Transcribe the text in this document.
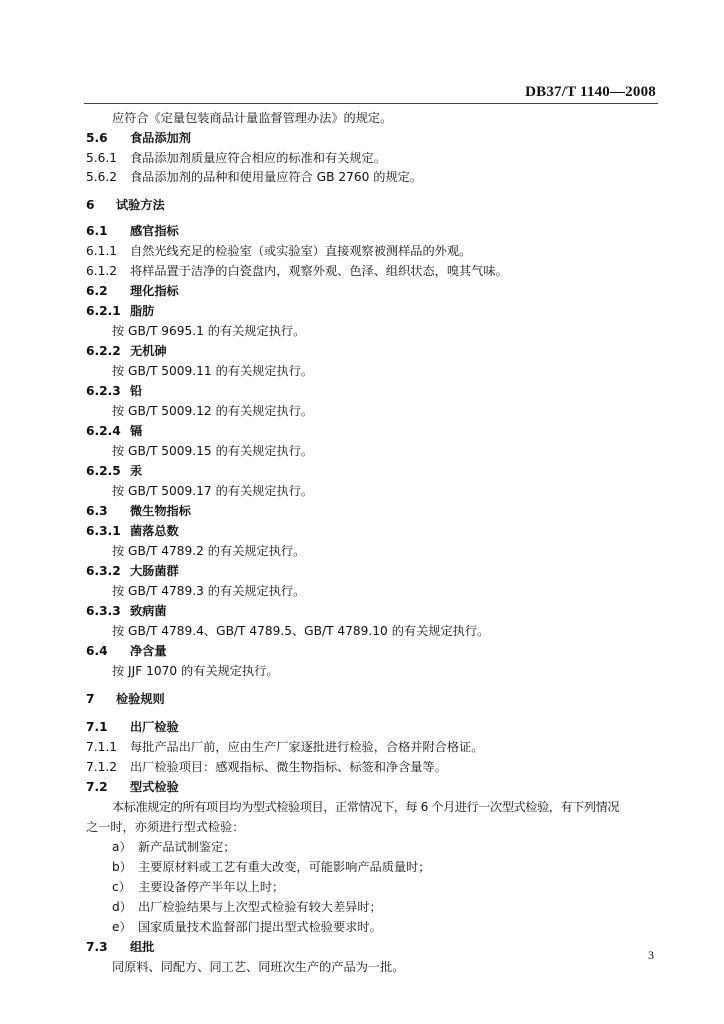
DB37/T 1140—2008
应符合《定量包装商品计量监督管理办法》的规定。
5.6 食品添加剂
5.6.1 食品添加剂质量应符合相应的标准和有关规定。
5.6.2 食品添加剂的品种和使用量应符合 GB 2760 的规定。
6 试验方法
6.1 感官指标
6.1.1 自然光线充足的检验室（或实验室）直接观察被测样品的外观。
6.1.2 将样品置于洁净的白瓷盘内，观察外观、色泽、组织状态，嗅其气味。
6.2 理化指标
6.2.1 脂肪
按 GB/T 9695.1 的有关规定执行。
6.2.2 无机砷
按 GB/T 5009.11 的有关规定执行。
6.2.3 铅
按 GB/T 5009.12 的有关规定执行。
6.2.4 镉
按 GB/T 5009.15 的有关规定执行。
6.2.5 汞
按 GB/T 5009.17 的有关规定执行。
6.3 微生物指标
6.3.1 菌落总数
按 GB/T 4789.2 的有关规定执行。
6.3.2 大肠菌群
按 GB/T 4789.3 的有关规定执行。
6.3.3 致病菌
按 GB/T 4789.4、GB/T 4789.5、GB/T 4789.10 的有关规定执行。
6.4 净含量
按 JJF 1070 的有关规定执行。
7 检验规则
7.1 出厂检验
7.1.1 每批产品出厂前，应由生产厂家逐批进行检验，合格并附合格证。
7.1.2 出厂检验项目：感观指标、微生物指标、标签和净含量等。
7.2 型式检验
本标准规定的所有项目均为型式检验项目，正常情况下，每 6 个月进行一次型式检验，有下列情况
之一时，亦须进行型式检验：
a） 新产品试制鉴定；
b） 主要原材料或工艺有重大改变，可能影响产品质量时；
c） 主要设备停产半年以上时；
d） 出厂检验结果与上次型式检验有较大差异时；
e） 国家质量技术监督部门提出型式检验要求时。
7.3 组批
同原料、同配方、同工艺、同班次生产的产品为一批。
3
